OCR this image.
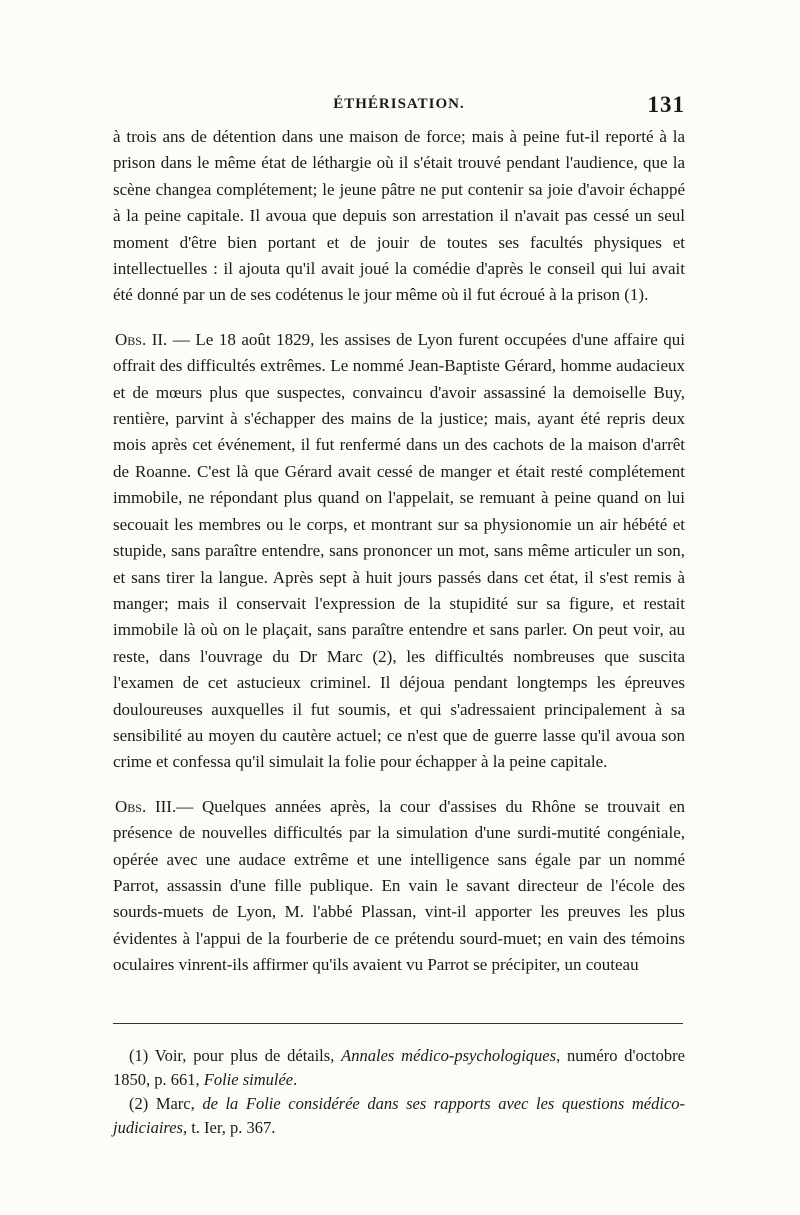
ÉTHÉRISATION.	131

à trois ans de détention dans une maison de force; mais à peine fut-il reporté à la prison dans le même état de léthargie où il s'était trouvé pendant l'audience, que la scène changea complétement; le jeune pâtre ne put contenir sa joie d'avoir échappé à la peine capitale. Il avoua que depuis son arrestation il n'avait pas cessé un seul moment d'être bien portant et de jouir de toutes ses facultés physiques et intellectuelles : il ajouta qu'il avait joué la comédie d'après le conseil qui lui avait été donné par un de ses codétenus le jour même où il fut écroué à la prison (1).

Obs. II. — Le 18 août 1829, les assises de Lyon furent occupées d'une affaire qui offrait des difficultés extrêmes. Le nommé Jean-Baptiste Gérard, homme audacieux et de mœurs plus que suspectes, convaincu d'avoir assassiné la demoiselle Buy, rentière, parvint à s'échapper des mains de la justice; mais, ayant été repris deux mois après cet événement, il fut renfermé dans un des cachots de la maison d'arrêt de Roanne. C'est là que Gérard avait cessé de manger et était resté complétement immobile, ne répondant plus quand on l'appelait, se remuant à peine quand on lui secouait les membres ou le corps, et montrant sur sa physionomie un air hébété et stupide, sans paraître entendre, sans prononcer un mot, sans même articuler un son, et sans tirer la langue. Après sept à huit jours passés dans cet état, il s'est remis à manger; mais il conservait l'expression de la stupidité sur sa figure, et restait immobile là où on le plaçait, sans paraître entendre et sans parler. On peut voir, au reste, dans l'ouvrage du Dr Marc (2), les difficultés nombreuses que suscita l'examen de cet astucieux criminel. Il déjoua pendant longtemps les épreuves douloureuses auxquelles il fut soumis, et qui s'adressaient principalement à sa sensibilité au moyen du cautère actuel; ce n'est que de guerre lasse qu'il avoua son crime et confessa qu'il simulait la folie pour échapper à la peine capitale.

Obs. III.— Quelques années après, la cour d'assises du Rhône se trouvait en présence de nouvelles difficultés par la simulation d'une surdi-mutité congéniale, opérée avec une audace extrême et une intelligence sans égale par un nommé Parrot, assassin d'une fille publique. En vain le savant directeur de l'école des sourds-muets de Lyon, M. l'abbé Plassan, vint-il apporter les preuves les plus évidentes à l'appui de la fourberie de ce prétendu sourd-muet; en vain des témoins oculaires vinrent-ils affirmer qu'ils avaient vu Parrot se précipiter, un couteau

(1) Voir, pour plus de détails, Annales médico-psychologiques, numéro d'octobre 1850, p. 661, Folie simulée.

(2) Marc, de la Folie considérée dans ses rapports avec les questions médico-judiciaires, t. Ier, p. 367.
